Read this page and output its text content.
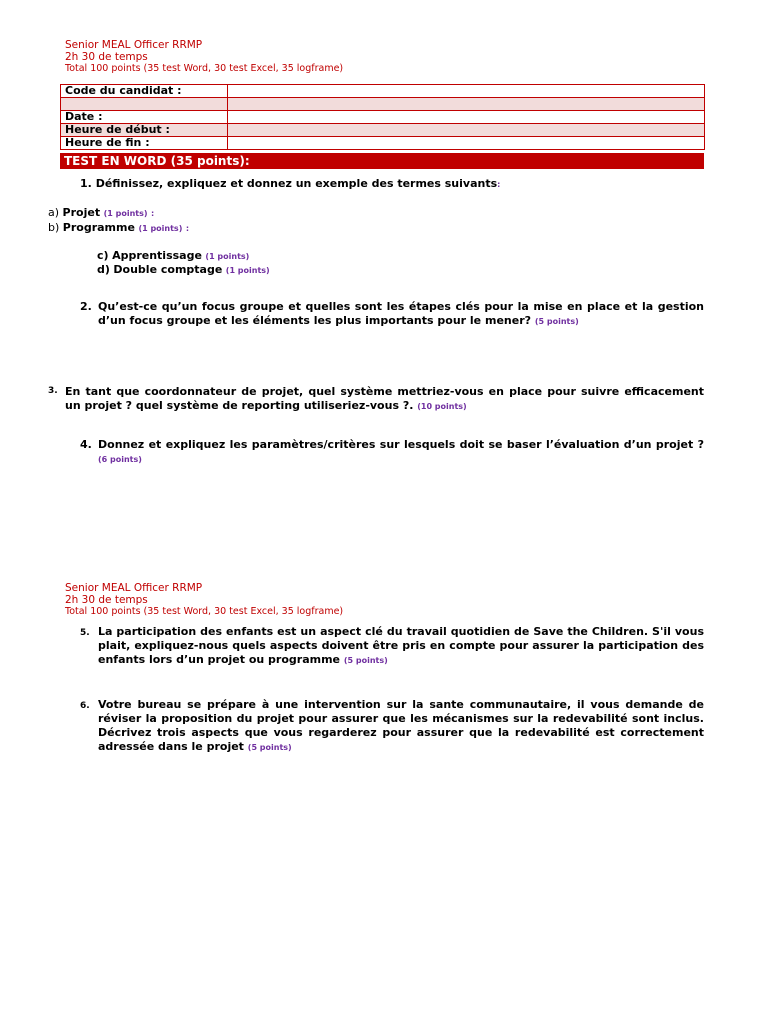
Senior MEAL Officer RRMP
2h 30 de temps
Total 100 points (35 test Word, 30 test Excel, 35 logframe)
Code du candidat :	

Date :	
Heure de début :	
Heure de fin :	
TEST EN WORD (35 points):
1. Définissez, expliquez et donnez un exemple des termes suivants:
a) Projet (1 points) :
b) Programme (1 points) :
c) Apprentissage (1 points)
d) Double comptage (1 points)
2. Qu’est-ce qu’un focus groupe et quelles sont les étapes clés pour la mise en place et la gestion d’un focus groupe et les éléments les plus importants pour le mener? (5 points)
3. En tant que coordonnateur de projet, quel système mettriez-vous en place pour suivre efficacement un projet ? quel système de reporting utiliseriez-vous ?. (10 points)
4. Donnez et expliquez les paramètres/critères sur lesquels doit se baser l’évaluation d’un projet ? (6 points)
Senior MEAL Officer RRMP
2h 30 de temps
Total 100 points (35 test Word, 30 test Excel, 35 logframe)
5. La participation des enfants est un aspect clé du travail quotidien de Save the Children. S'il vous plait, expliquez-nous quels aspects doivent être pris en compte pour assurer la participation des enfants lors d’un projet ou programme (5 points)
6. Votre bureau se prépare à une intervention sur la sante communautaire, il vous demande de réviser la proposition du projet pour assurer que les mécanismes sur la redevabilité sont inclus. Décrivez trois aspects que vous regarderez pour assurer que la redevabilité est correctement adressée dans le projet (5 points)
